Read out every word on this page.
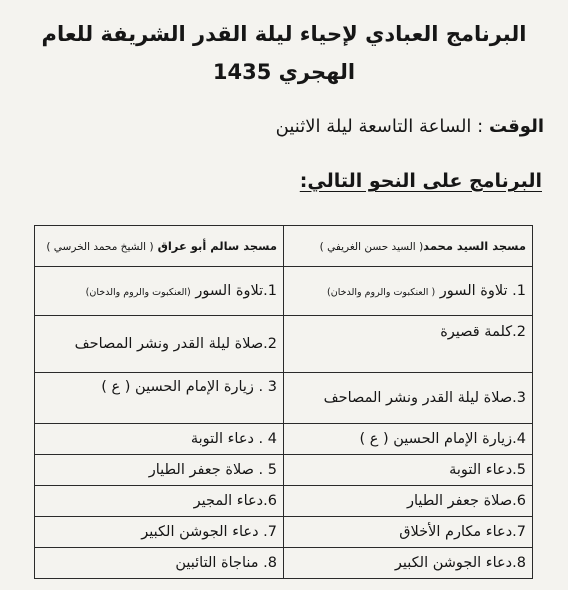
البرنامج العبادي لإحياء ليلة القدر الشريفة للعام
الهجري 1435
الوقت : الساعة التاسعة ليلة الاثنين
البرنامج على النحو التالي:
مسجد السيد محمد( السيد حسن الغريفي )	مسجد سالم أبو عراق ( الشيخ محمد الخرسي )
1. تلاوة السور ( العنكبوت والروم والدخان)	1.تلاوة السور (العنكبوت والروم والدخان)
2.كلمة قصيرة	2.صلاة ليلة القدر ونشر المصاحف
3.صلاة ليلة القدر ونشر المصاحف	3 . زيارة الإمام الحسين ( ع )
4.زيارة الإمام الحسين ( ع )	4 . دعاء التوبة
5.دعاء التوبة	5 . صلاة جعفر الطيار
6.صلاة جعفر الطيار	6.دعاء المجير
7.دعاء مكارم الأخلاق	7. دعاء الجوشن الكبير
8.دعاء الجوشن الكبير	8. مناجاة التائبين
